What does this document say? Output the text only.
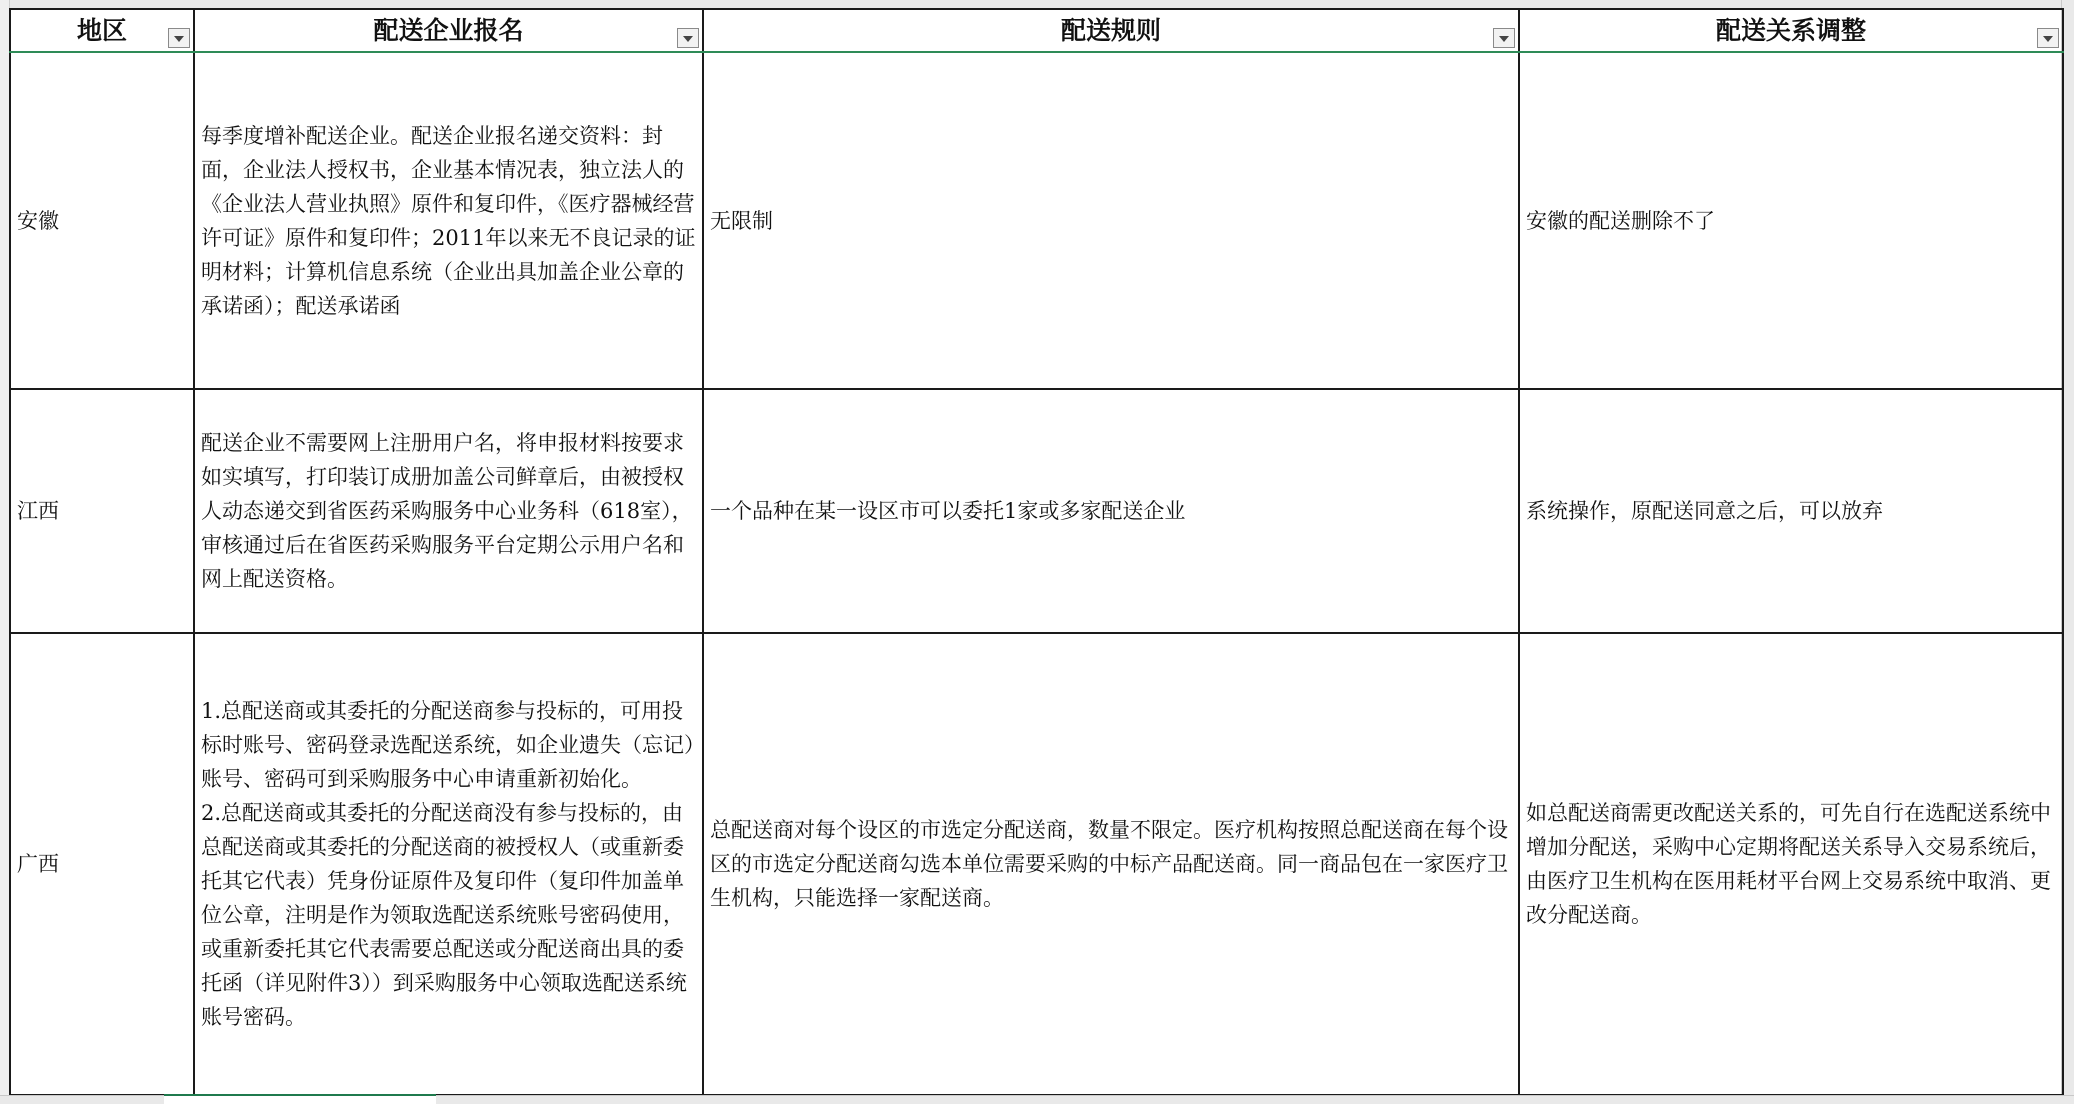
地区	配送企业报名	配送规则	配送关系调整

安徽	每季度增补配送企业。配送企业报名递交资料：封面，企业法人授权书，企业基本情况表，独立法人的《企业法人营业执照》原件和复印件，《医疗器械经营许可证》原件和复印件；2011年以来无不良记录的证明材料；计算机信息系统（企业出具加盖企业公章的承诺函）；配送承诺函	无限制	安徽的配送删除不了
江西	配送企业不需要网上注册用户名，将申报材料按要求如实填写，打印装订成册加盖公司鲜章后，由被授权人动态递交到省医药采购服务中心业务科（618室），审核通过后在省医药采购服务平台定期公示用户名和网上配送资格。	一个品种在某一设区市可以委托1家或多家配送企业	系统操作，原配送同意之后，可以放弃
广西	1.总配送商或其委托的分配送商参与投标的，可用投标时账号、密码登录选配送系统，如企业遗失（忘记）账号、密码可到采购服务中心申请重新初始化。
2.总配送商或其委托的分配送商没有参与投标的，由总配送商或其委托的分配送商的被授权人（或重新委托其它代表）凭身份证原件及复印件（复印件加盖单位公章，注明是作为领取选配送系统账号密码使用，或重新委托其它代表需要总配送或分配送商出具的委托函（详见附件3））到采购服务中心领取选配送系统账号密码。	总配送商对每个设区的市选定分配送商，数量不限定。医疗机构按照总配送商在每个设区的市选定分配送商勾选本单位需要采购的中标产品配送商。同一商品包在一家医疗卫生机构，只能选择一家配送商。	如总配送商需更改配送关系的，可先自行在选配送系统中增加分配送，采购中心定期将配送关系导入交易系统后，由医疗卫生机构在医用耗材平台网上交易系统中取消、更改分配送商。
